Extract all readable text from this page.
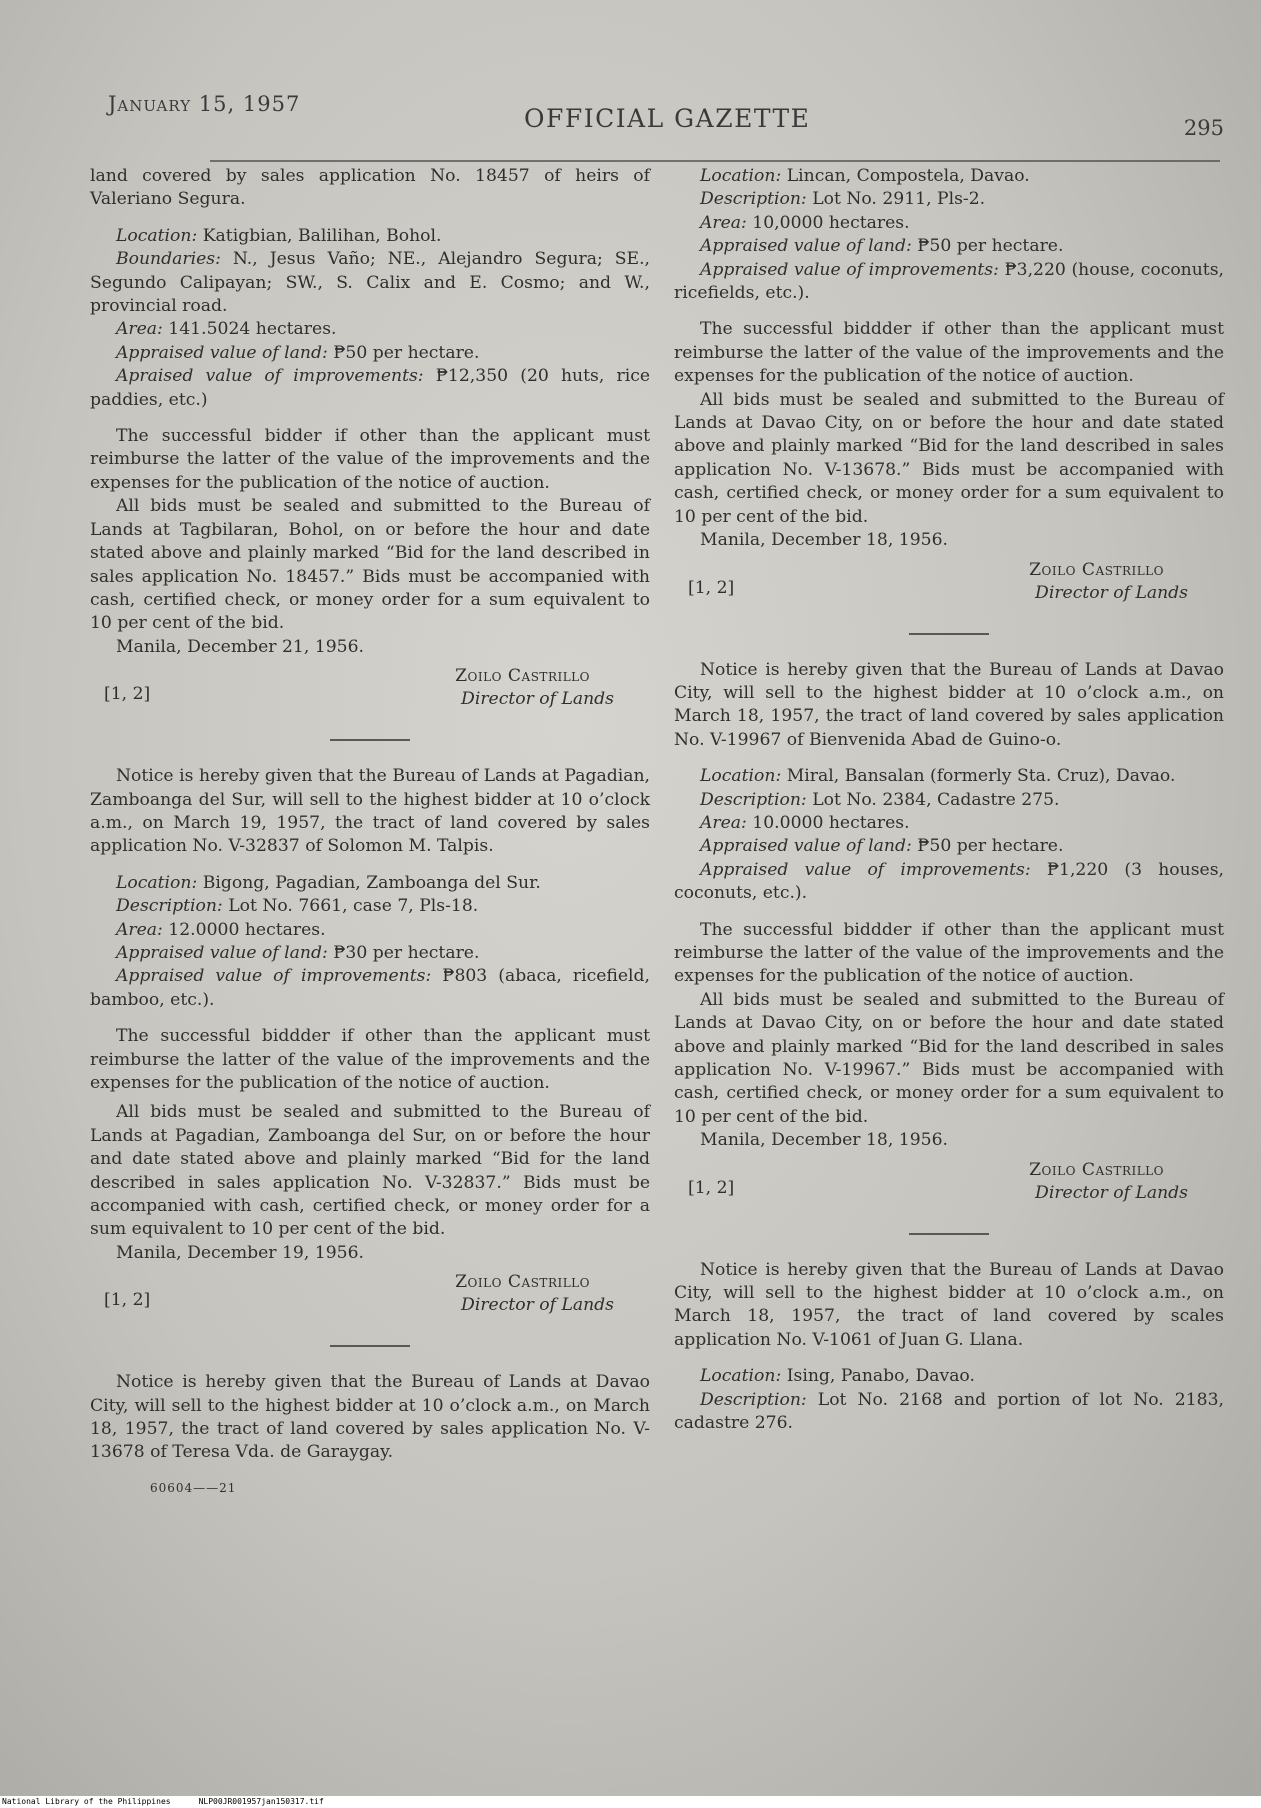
January 15, 1957	OFFICIAL GAZETTE	295

land covered by sales application No. 18457 of heirs of Valeriano Segura.

Location: Katigbian, Balilihan, Bohol.

Boundaries: N., Jesus Vaño; NE., Alejandro Segura; SE., Segundo Calipayan; SW., S. Calix and E. Cosmo; and W., provincial road.

Area: 141.5024 hectares.

Appraised value of land: ₱50 per hectare.

Apraised value of improvements: ₱12,350 (20 huts, rice paddies, etc.)

The successful bidder if other than the applicant must reimburse the latter of the value of the improvements and the expenses for the publication of the notice of auction.

All bids must be sealed and submitted to the Bureau of Lands at Tagbilaran, Bohol, on or before the hour and date stated above and plainly marked “Bid for the land described in sales application No. 18457.” Bids must be accompanied with cash, certified check, or money order for a sum equivalent to 10 per cent of the bid.

Manila, December 21, 1956.

[1, 2]
Zoilo Castrillo
Director of Lands

Notice is hereby given that the Bureau of Lands at Pagadian, Zamboanga del Sur, will sell to the highest bidder at 10 o’clock a.m., on March 19, 1957, the tract of land covered by sales application No. V-32837 of Solomon M. Talpis.

Location: Bigong, Pagadian, Zamboanga del Sur.

Description: Lot No. 7661, case 7, Pls-18.

Area: 12.0000 hectares.

Appraised value of land: ₱30 per hectare.

Appraised value of improvements: ₱803 (abaca, ricefield, bamboo, etc.).

The successful biddder if other than the applicant must reimburse the latter of the value of the improvements and the expenses for the publication of the notice of auction.

All bids must be sealed and submitted to the Bureau of Lands at Pagadian, Zamboanga del Sur, on or before the hour and date stated above and plainly marked “Bid for the land described in sales application No. V-32837.” Bids must be accompanied with cash, certified check, or money order for a sum equivalent to 10 per cent of the bid.

Manila, December 19, 1956.

[1, 2]
Zoilo Castrillo
Director of Lands

Notice is hereby given that the Bureau of Lands at Davao City, will sell to the highest bidder at 10 o’clock a.m., on March 18, 1957, the tract of land covered by sales application No. V-13678 of Teresa Vda. de Garaygay.

60604——21

Location: Lincan, Compostela, Davao.

Description: Lot No. 2911, Pls-2.

Area: 10,0000 hectares.

Appraised value of land: ₱50 per hectare.

Appraised value of improvements: ₱3,220 (house, coconuts, ricefields, etc.).

The successful biddder if other than the applicant must reimburse the latter of the value of the improvements and the expenses for the publication of the notice of auction.

All bids must be sealed and submitted to the Bureau of Lands at Davao City, on or before the hour and date stated above and plainly marked “Bid for the land described in sales application No. V-13678.” Bids must be accompanied with cash, certified check, or money order for a sum equivalent to 10 per cent of the bid.

Manila, December 18, 1956.

[1, 2]
Zoilo Castrillo
Director of Lands

Notice is hereby given that the Bureau of Lands at Davao City, will sell to the highest bidder at 10 o’clock a.m., on March 18, 1957, the tract of land covered by sales application No. V-19967 of Bienvenida Abad de Guino-o.

Location: Miral, Bansalan (formerly Sta. Cruz), Davao.

Description: Lot No. 2384, Cadastre 275.

Area: 10.0000 hectares.

Appraised value of land: ₱50 per hectare.

Appraised value of improvements: ₱1,220 (3 houses, coconuts, etc.).

The successful biddder if other than the applicant must reimburse the latter of the value of the improvements and the expenses for the publication of the notice of auction.

All bids must be sealed and submitted to the Bureau of Lands at Davao City, on or before the hour and date stated above and plainly marked “Bid for the land described in sales application No. V-19967.” Bids must be accompanied with cash, certified check, or money order for a sum equivalent to 10 per cent of the bid.

Manila, December 18, 1956.

[1, 2]
Zoilo Castrillo
Director of Lands

Notice is hereby given that the Bureau of Lands at Davao City, will sell to the highest bidder at 10 o’clock a.m., on March 18, 1957, the tract of land covered by scales application No. V-1061 of Juan G. Llana.

Location: Ising, Panabo, Davao.

Description: Lot No. 2168 and portion of lot No. 2183, cadastre 276.

National Library of the Philippines	NLP00JR001957jan150317.tif
